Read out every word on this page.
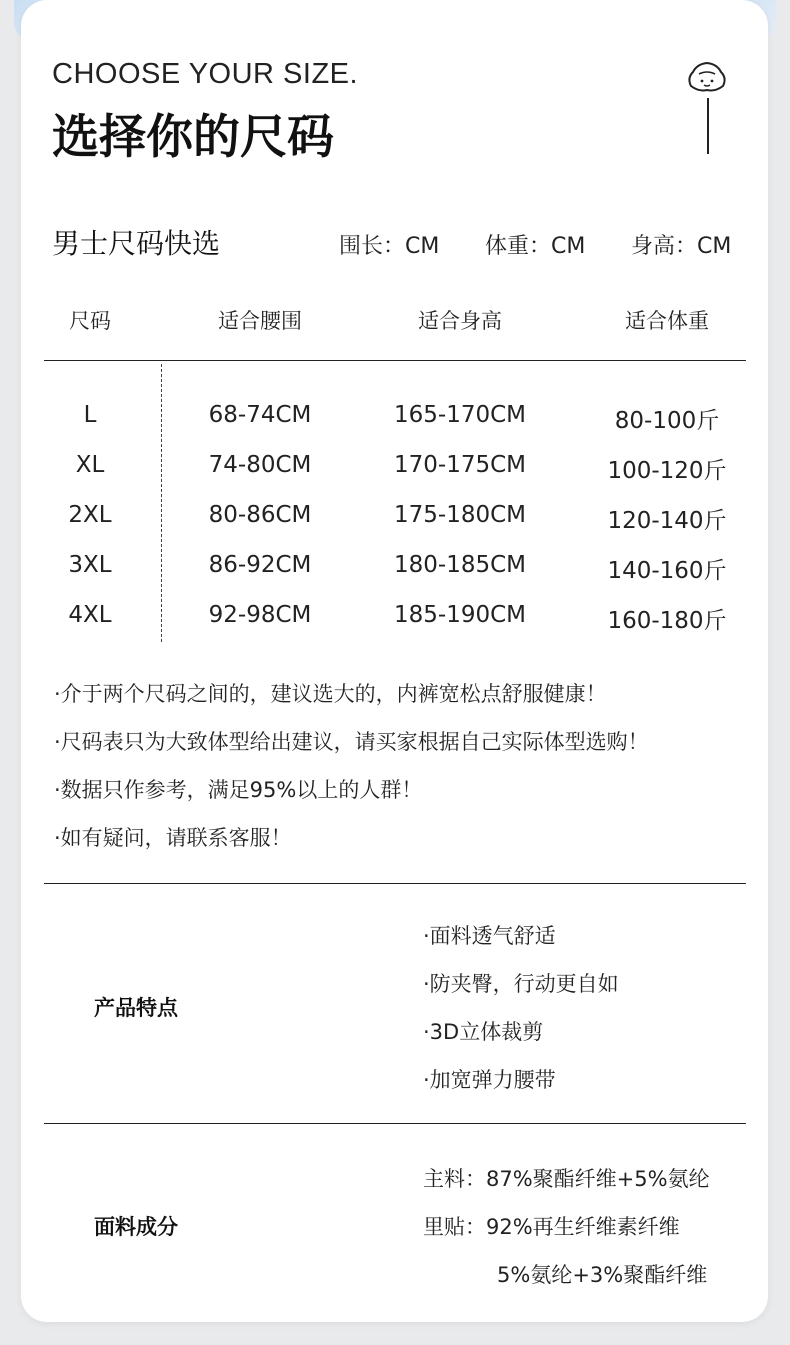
CHOOSE YOUR SIZE.
选择你的尺码
男士尺码快选	围长：CM 体重：CM 身高：CM
尺码	适合腰围	适合身高	适合体重
L	68-74CM	165-170CM	80-100斤
XL	74-80CM	170-175CM	100-120斤
2XL	80-86CM	175-180CM	120-140斤
3XL	86-92CM	180-185CM	140-160斤
4XL	92-98CM	185-190CM	160-180斤
·介于两个尺码之间的，建议选大的，内裤宽松点舒服健康！
·尺码表只为大致体型给出建议，请买家根据自己实际体型选购！
·数据只作参考，满足95%以上的人群！
·如有疑问，请联系客服！
产品特点
·面料透气舒适
·防夹臀，行动更自如
·3D立体裁剪
·加宽弹力腰带
面料成分
主料：87%聚酯纤维+5%氨纶
里贴：92%再生纤维素纤维
5%氨纶+3%聚酯纤维
